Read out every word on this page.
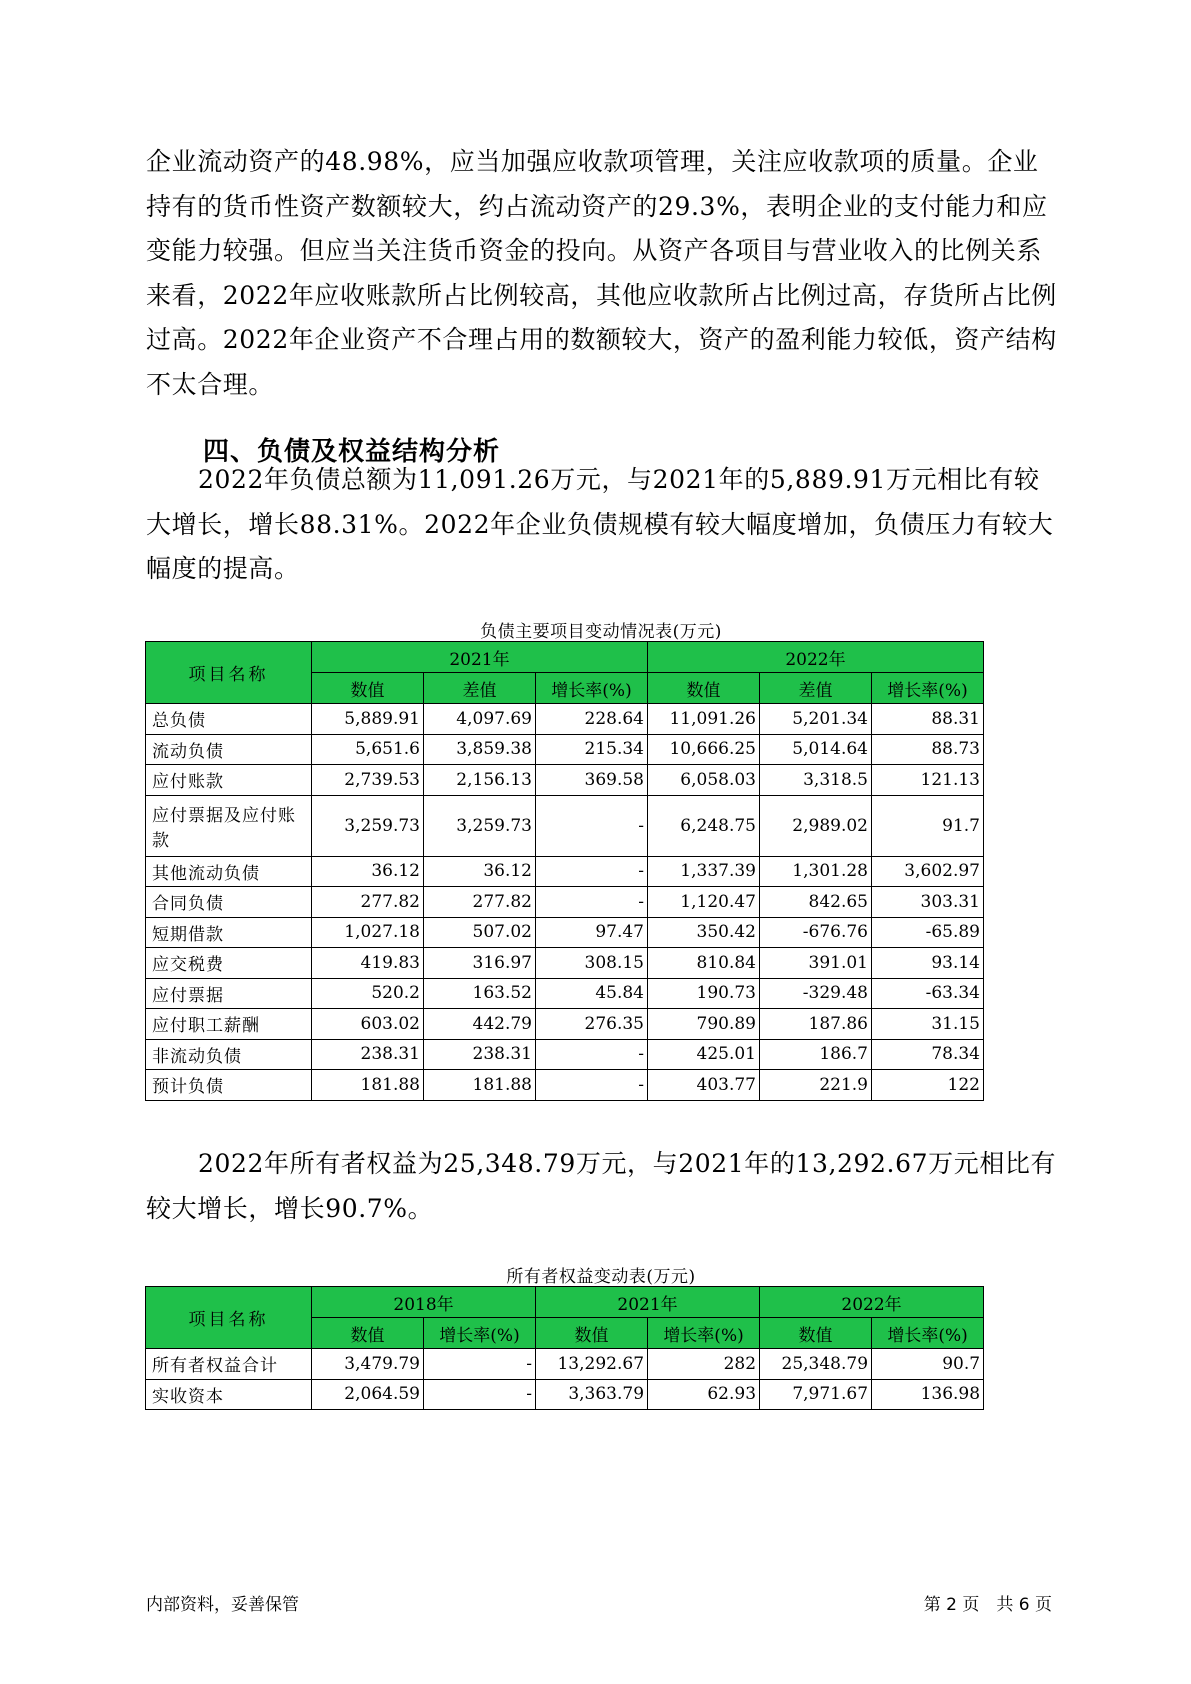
企业流动资产的48.98%，应当加强应收款项管理，关注应收款项的质量。企业持有的货币性资产数额较大，约占流动资产的29.3%，表明企业的支付能力和应变能力较强。但应当关注货币资金的投向。从资产各项目与营业收入的比例关系来看，2022年应收账款所占比例较高，其他应收款所占比例过高，存货所占比例过高。2022年企业资产不合理占用的数额较大，资产的盈利能力较低，资产结构不太合理。

四、负债及权益结构分析

2022年负债总额为11,091.26万元，与2021年的5,889.91万元相比有较大增长，增长88.31%。2022年企业负债规模有较大幅度增加，负债压力有较大幅度的提高。

负债主要项目变动情况表(万元)

项目名称	2021年			2022年		
	数值	差值	增长率(%)	数值	差值	增长率(%)
总负债	5,889.91	4,097.69	228.64	11,091.26	5,201.34	88.31
流动负债	5,651.6	3,859.38	215.34	10,666.25	5,014.64	88.73
应付账款	2,739.53	2,156.13	369.58	6,058.03	3,318.5	121.13
应付票据及应付账款	3,259.73	3,259.73	-	6,248.75	2,989.02	91.7
其他流动负债	36.12	36.12	-	1,337.39	1,301.28	3,602.97
合同负债	277.82	277.82	-	1,120.47	842.65	303.31
短期借款	1,027.18	507.02	97.47	350.42	-676.76	-65.89
应交税费	419.83	316.97	308.15	810.84	391.01	93.14
应付票据	520.2	163.52	45.84	190.73	-329.48	-63.34
应付职工薪酬	603.02	442.79	276.35	790.89	187.86	31.15
非流动负债	238.31	238.31	-	425.01	186.7	78.34
预计负债	181.88	181.88	-	403.77	221.9	122

2022年所有者权益为25,348.79万元，与2021年的13,292.67万元相比有较大增长，增长90.7%。

所有者权益变动表(万元)

项目名称	2018年		2021年		2022年	
	数值	增长率(%)	数值	增长率(%)	数值	增长率(%)
所有者权益合计	3,479.79	-	13,292.67	282	25,348.79	90.7
实收资本	2,064.59	-	3,363.79	62.93	7,971.67	136.98
内部资料，妥善保管	第 2 页　共 6 页
